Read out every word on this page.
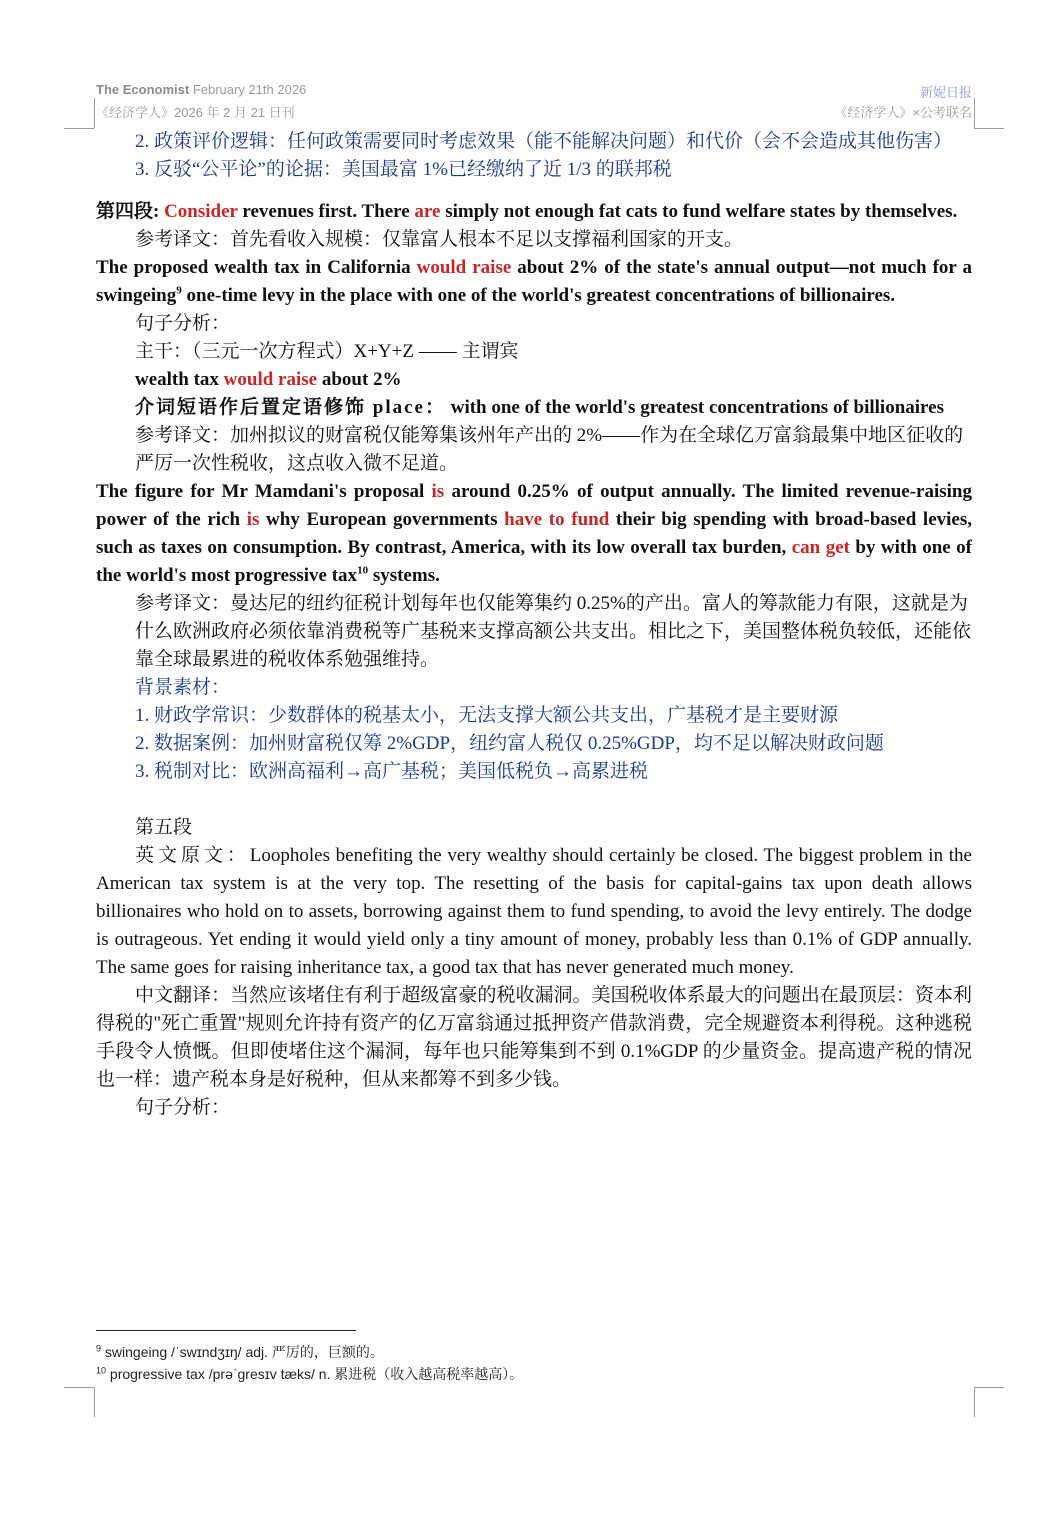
The Economist February 21th 2026
《经济学人》2026 年 2 月 21 日刊
新妮日报
《经济学人》×公考联名

2. 政策评价逻辑：任何政策需要同时考虑效果（能不能解决问题）和代价（会不会造成其他伤害）

3. 反驳“公平论”的论据：美国最富 1%已经缴纳了近 1/3 的联邦税

第四段: Consider revenues first. There are simply not enough fat cats to fund welfare states by themselves.

参考译文：首先看收入规模：仅靠富人根本不足以支撑福利国家的开支。

The proposed wealth tax in California would raise about 2% of the state's annual output—not much for a swingeing$^9$ one-time levy in the place with one of the world's greatest concentrations of billionaires.

句子分析：

主干：（三元一次方程式）X+Y+Z —— 主谓宾

wealth tax would raise about 2%

介词短语作后置定语修饰 place： with one of the world's greatest concentrations of billionaires

参考译文：加州拟议的财富税仅能筹集该州年产出的 2%——作为在全球亿万富翁最集中地区征收的严厉一次性税收，这点收入微不足道。

The figure for Mr Mamdani's proposal is around 0.25% of output annually. The limited revenue-raising power of the rich is why European governments have to fund their big spending with broad-based levies, such as taxes on consumption. By contrast, America, with its low overall tax burden, can get by with one of the world's most progressive tax$^{10}$ systems.

参考译文：曼达尼的纽约征税计划每年也仅能筹集约 0.25%的产出。富人的筹款能力有限，这就是为什么欧洲政府必须依靠消费税等广基税来支撑高额公共支出。相比之下，美国整体税负较低，还能依靠全球最累进的税收体系勉强维持。

背景素材：

1. 财政学常识：少数群体的税基太小，无法支撑大额公共支出，广基税才是主要财源

2. 数据案例：加州财富税仅筹 2%GDP，纽约富人税仅 0.25%GDP，均不足以解决财政问题

3. 税制对比：欧洲高福利→高广基税；美国低税负→高累进税

第五段

英文原文：Loopholes benefiting the very wealthy should certainly be closed. The biggest problem in the American tax system is at the very top. The resetting of the basis for capital-gains tax upon death allows billionaires who hold on to assets, borrowing against them to fund spending, to avoid the levy entirely. The dodge is outrageous. Yet ending it would yield only a tiny amount of money, probably less than 0.1% of GDP annually. The same goes for raising inheritance tax, a good tax that has never generated much money.

中文翻译：当然应该堵住有利于超级富豪的税收漏洞。美国税收体系最大的问题出在最顶层：资本利得税的"死亡重置"规则允许持有资产的亿万富翁通过抵押资产借款消费，完全规避资本利得税。这种逃税手段令人愤慨。但即使堵住这个漏洞，每年也只能筹集到不到 0.1%GDP 的少量资金。提高遗产税的情况也一样：遗产税本身是好税种，但从来都筹不到多少钱。

句子分析：

$^9$ swingeing /ˈswɪndʒɪŋ/ adj. 严厉的，巨额的。
$^{10}$ progressive tax /prəˈɡresɪv tæks/ n. 累进税（收入越高税率越高）。
